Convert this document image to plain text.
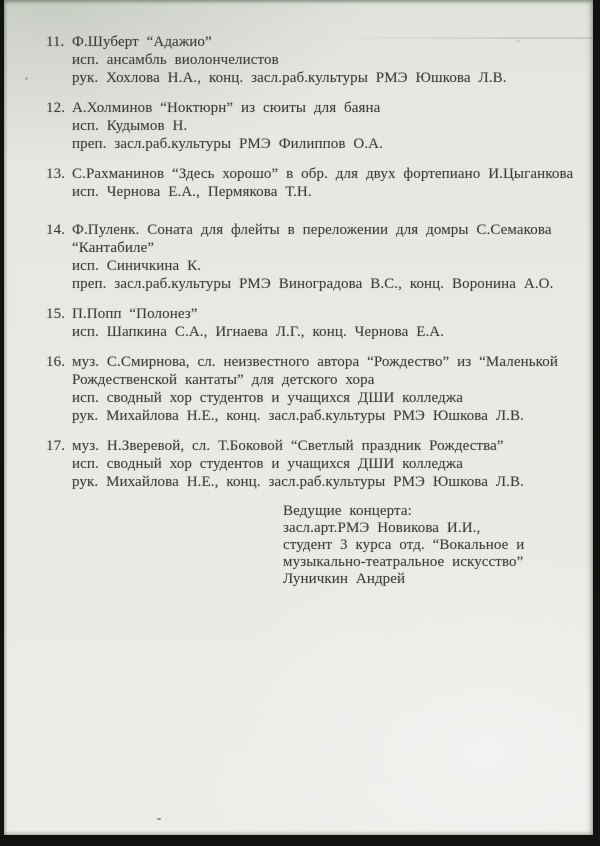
11. Ф.Шуберт “Адажио”
исп. ансамбль виолончелистов
рук. Хохлова Н.А., конц. засл.раб.культуры РМЭ Юшкова Л.В.
12. А.Холминов “Ноктюрн” из сюиты для баяна
исп. Кудымов Н.
преп. засл.раб.культуры РМЭ Филиппов О.А.
13. С.Рахманинов “Здесь хорошо” в обр. для двух фортепиано И.Цыганкова
исп. Чернова Е.А., Пермякова Т.Н.
14. Ф.Пуленк. Соната для флейты в переложении для домры С.Семакова
“Кантабиле”
исп. Синичкина К.
преп. засл.раб.культуры РМЭ Виноградова В.С., конц. Воронина А.О.
15. П.Попп “Полонез”
исп. Шапкина С.А., Игнаева Л.Г., конц. Чернова Е.А.
16. муз. С.Смирнова, сл. неизвестного автора “Рождество” из “Маленькой
Рождественской кантаты” для детского хора
исп. сводный хор студентов и учащихся ДШИ колледжа
рук. Михайлова Н.Е., конц. засл.раб.культуры РМЭ Юшкова Л.В.
17. муз. Н.Зверевой, сл. Т.Боковой “Светлый праздник Рождества”
исп. сводный хор студентов и учащихся ДШИ колледжа
рук. Михайлова Н.Е., конц. засл.раб.культуры РМЭ Юшкова Л.В.
Ведущие концерта:
засл.арт.РМЭ Новикова И.И.,
студент 3 курса отд. “Вокальное и
музыкально-театральное искусство”
Луничкин Андрей
